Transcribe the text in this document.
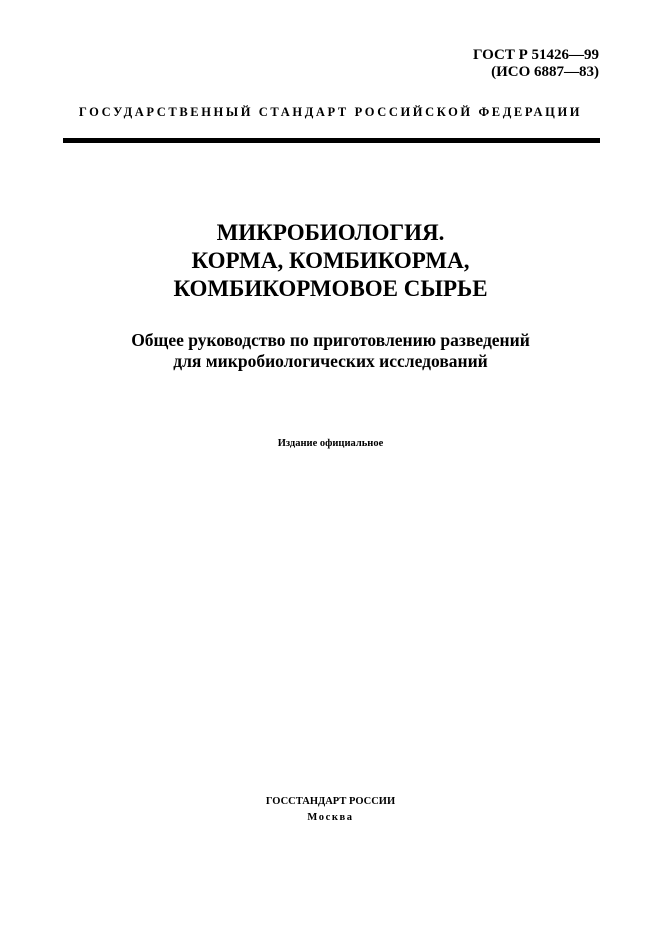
ГОСТ Р 51426—99
(ИСО 6887—83)
ГОСУДАРСТВЕННЫЙ СТАНДАРТ РОССИЙСКОЙ ФЕДЕРАЦИИ
МИКРОБИОЛОГИЯ.
КОРМА, КОМБИКОРМА,
КОМБИКОРМОВОЕ СЫРЬЕ
Общее руководство по приготовлению разведений
для микробиологических исследований
Издание официальное
ГОССТАНДАРТ РОССИИ
Москва
